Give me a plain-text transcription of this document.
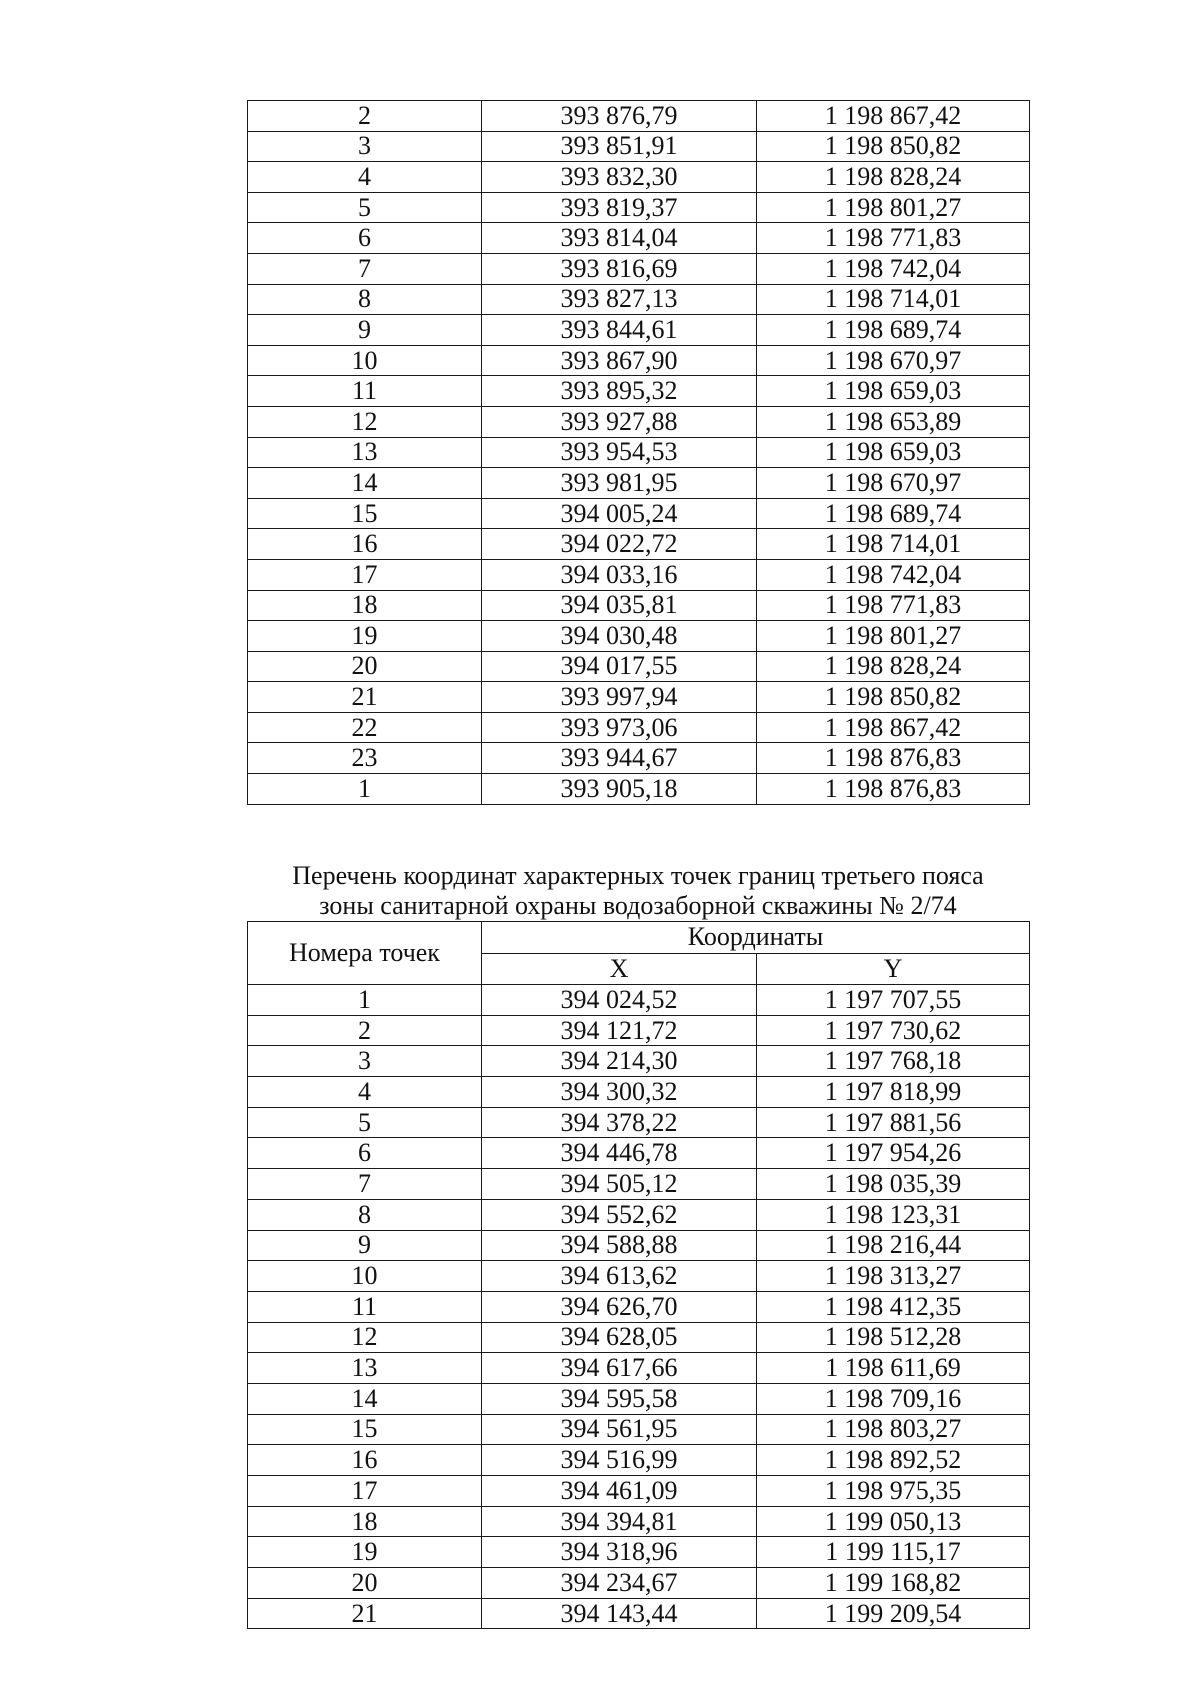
2	393 876,79	1 198 867,42
3	393 851,91	1 198 850,82
4	393 832,30	1 198 828,24
5	393 819,37	1 198 801,27
6	393 814,04	1 198 771,83
7	393 816,69	1 198 742,04
8	393 827,13	1 198 714,01
9	393 844,61	1 198 689,74
10	393 867,90	1 198 670,97
11	393 895,32	1 198 659,03
12	393 927,88	1 198 653,89
13	393 954,53	1 198 659,03
14	393 981,95	1 198 670,97
15	394 005,24	1 198 689,74
16	394 022,72	1 198 714,01
17	394 033,16	1 198 742,04
18	394 035,81	1 198 771,83
19	394 030,48	1 198 801,27
20	394 017,55	1 198 828,24
21	393 997,94	1 198 850,82
22	393 973,06	1 198 867,42
23	393 944,67	1 198 876,83
1	393 905,18	1 198 876,83
Перечень координат характерных точек границ третьего пояса
зоны санитарной охраны водозаборной скважины № 2/74
Номера точек	Координаты	
	X	Y
1	394 024,52	1 197 707,55
2	394 121,72	1 197 730,62
3	394 214,30	1 197 768,18
4	394 300,32	1 197 818,99
5	394 378,22	1 197 881,56
6	394 446,78	1 197 954,26
7	394 505,12	1 198 035,39
8	394 552,62	1 198 123,31
9	394 588,88	1 198 216,44
10	394 613,62	1 198 313,27
11	394 626,70	1 198 412,35
12	394 628,05	1 198 512,28
13	394 617,66	1 198 611,69
14	394 595,58	1 198 709,16
15	394 561,95	1 198 803,27
16	394 516,99	1 198 892,52
17	394 461,09	1 198 975,35
18	394 394,81	1 199 050,13
19	394 318,96	1 199 115,17
20	394 234,67	1 199 168,82
21	394 143,44	1 199 209,54
